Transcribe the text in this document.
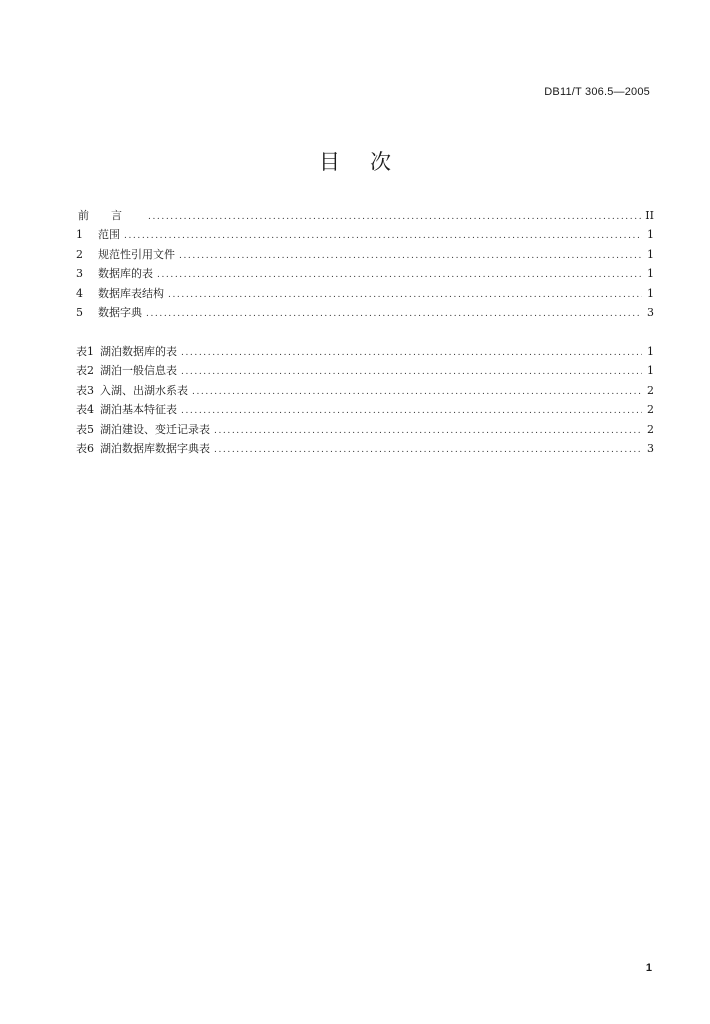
DB11/T 306.5—2005
目次
前言 .....	II
1	范围 .....	1
2	规范性引用文件 .....	1
3	数据库的表 .....	1
4	数据库表结构 .....	1
5	数据字典 .....	3
表1 湖泊数据库的表 .....	1
表2 湖泊一般信息表 .....	1
表3 入湖、出湖水系表 .....	2
表4 湖泊基本特征表 .....	2
表5 湖泊建设、变迁记录表 .....	2
表6 湖泊数据库数据字典表 .....	3
1
